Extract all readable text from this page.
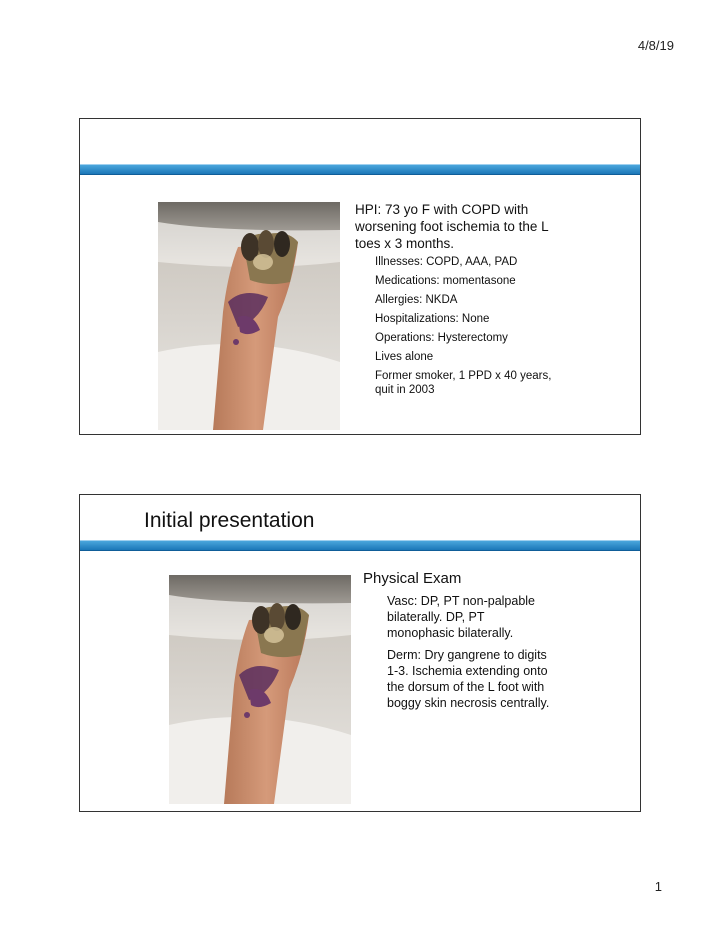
4/8/19
HPI: 73 yo F with COPD with worsening foot ischemia to the L toes x 3 months.
Illnesses: COPD, AAA, PAD
Medications: momentasone
Allergies: NKDA
Hospitalizations: None
Operations: Hysterectomy
Lives alone
Former smoker, 1 PPD x 40 years, quit in 2003
Initial presentation
Physical Exam
Vasc: DP, PT non-palpable bilaterally. DP, PT monophasic bilaterally.
Derm: Dry gangrene to digits 1-3. Ischemia extending onto the dorsum of the L foot with boggy skin necrosis centrally.
1
